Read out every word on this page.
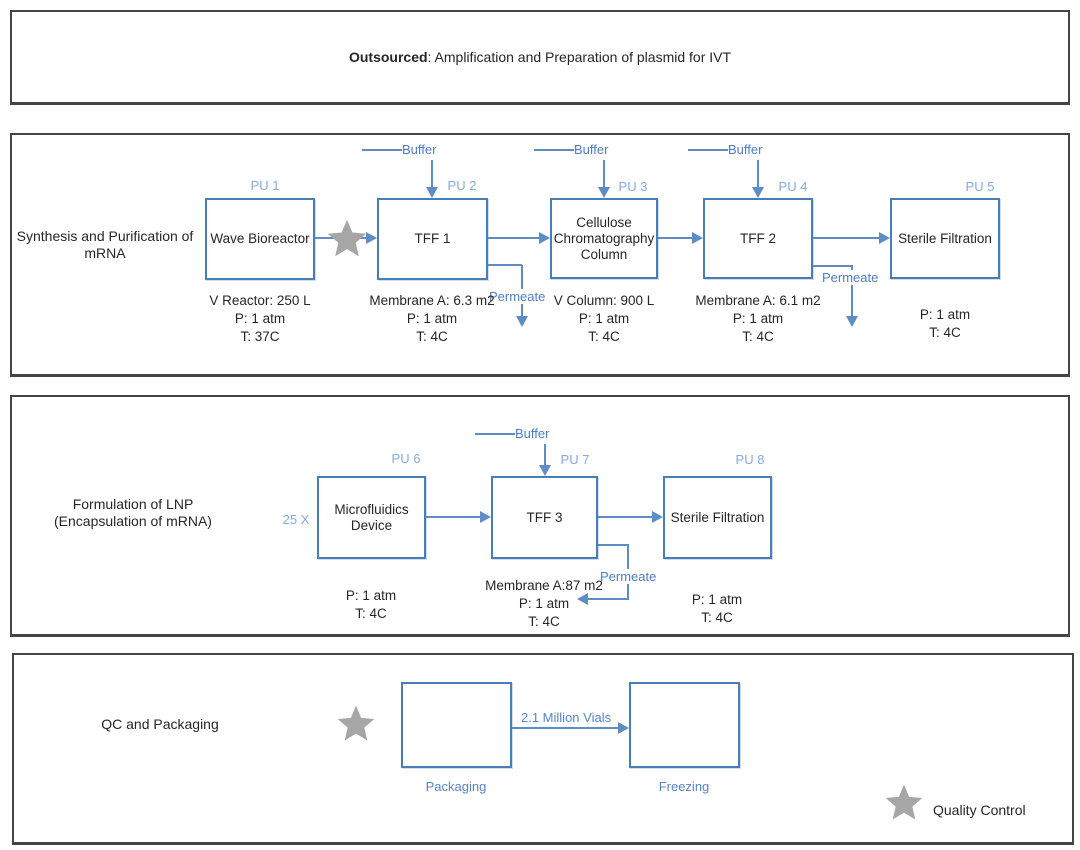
Outsourced : Amplification and Preparation of plasmid for IVT
Synthesis and Purification of
mRNA
PU 1	PU 2	PU 3	PU 4	PU 5
Wave Bioreactor	TFF 1
Cellulose Chromatography Column
TFF 2	Sterile Filtration
Buffer	Buffer	Buffer
Permeate
Permeate
V Reactor: 250 L
P: 1 atm
T: 37C
Membrane A: 6.3 m2
P: 1 atm
T: 4C
V Column: 900 L
P: 1 atm
T: 4C
Membrane A: 6.1 m2
P: 1 atm
T: 4C
P: 1 atm
T: 4C
Formulation of LNP
(Encapsulation of mRNA)
PU 6	PU 7	PU 8
25 X
Microfluidics Device
TFF 3	Sterile Filtration
Buffer
Permeate
P: 1 atm
T: 4C
Membrane A:87 m2
P: 1 atm
T: 4C
P: 1 atm
T: 4C
QC and Packaging	2.1 Million Vials
Packaging	Freezing
Quality Control
